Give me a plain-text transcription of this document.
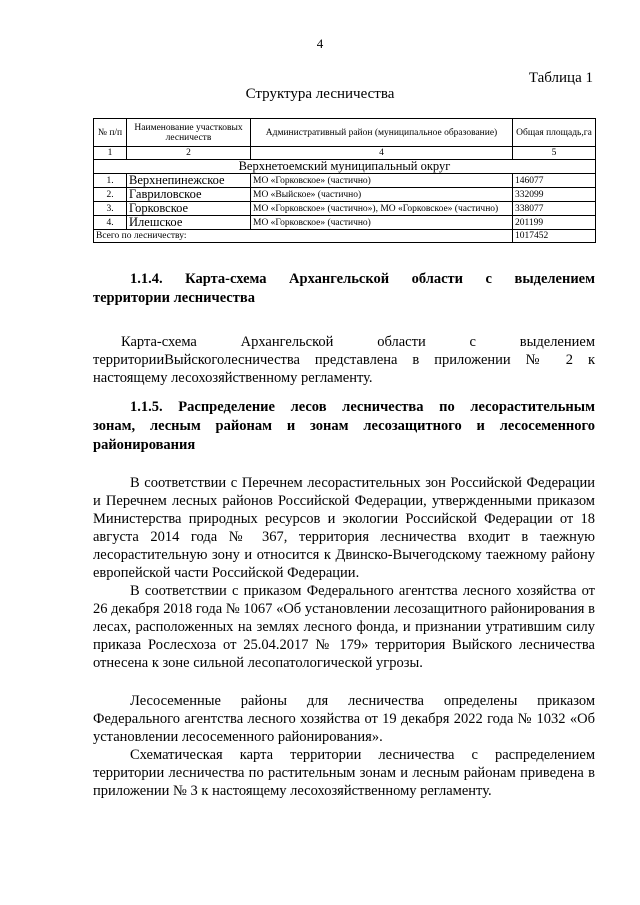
4
Таблица 1
Структура лесничества
№ п/п	Наименование участковых лесничеств	Административный район (муниципальное образование)	Общая площадь,га
1	2	4	5
Верхнетоемский муниципальный округ			
1.	Верхнепинежское	МО «Горковское» (частично)	146077
2.	Гавриловское	МО «Выйское» (частично)	332099
3.	Горковское	МО «Горковское» (частично»), МО «Горковское» (частично)	338077
4.	Илешское	МО «Горковское» (частично)	201199
Всего по лесничеству:			1017452
1.1.4. Карта-схема Архангельской области с выделением
территории лесничества
Карта-схема Архангельской области с выделением
территорииВыйскоголесничества представлена в приложении № 2 к
настоящему лесохозяйственному регламенту.
1.1.5. Распределение лесов лесничества по лесорастительным
зонам, лесным районам и зонам лесозащитного и лесосеменного
районирования
В соответствии с Перечнем лесорастительных зон Российской Федерации и Перечнем лесных районов Российской Федерации, утвержденными приказом Министерства природных ресурсов и экологии Российской Федерации от 18 августа 2014 года № 367, территория лесничества входит в таежную лесорастительную зону и относится к Двинско-Вычегодскому таежному району европейской части Российской Федерации.
В соответствии с приказом Федерального агентства лесного хозяйства от 26 декабря 2018 года № 1067 «Об установлении лесозащитного районирования в лесах, расположенных на землях лесного фонда, и признании утратившим силу приказа Рослесхоза от 25.04.2017 № 179» территория Выйского лесничества отнесена к зоне сильной лесопатологической угрозы.
Лесосеменные районы для лесничества определены приказом Федерального агентства лесного хозяйства от 19 декабря 2022 года № 1032 «Об установлении лесосеменного районирования».
Схематическая карта территории лесничества с распределением территории лесничества по растительным зонам и лесным районам приведена в приложении № 3 к настоящему лесохозяйственному регламенту.
